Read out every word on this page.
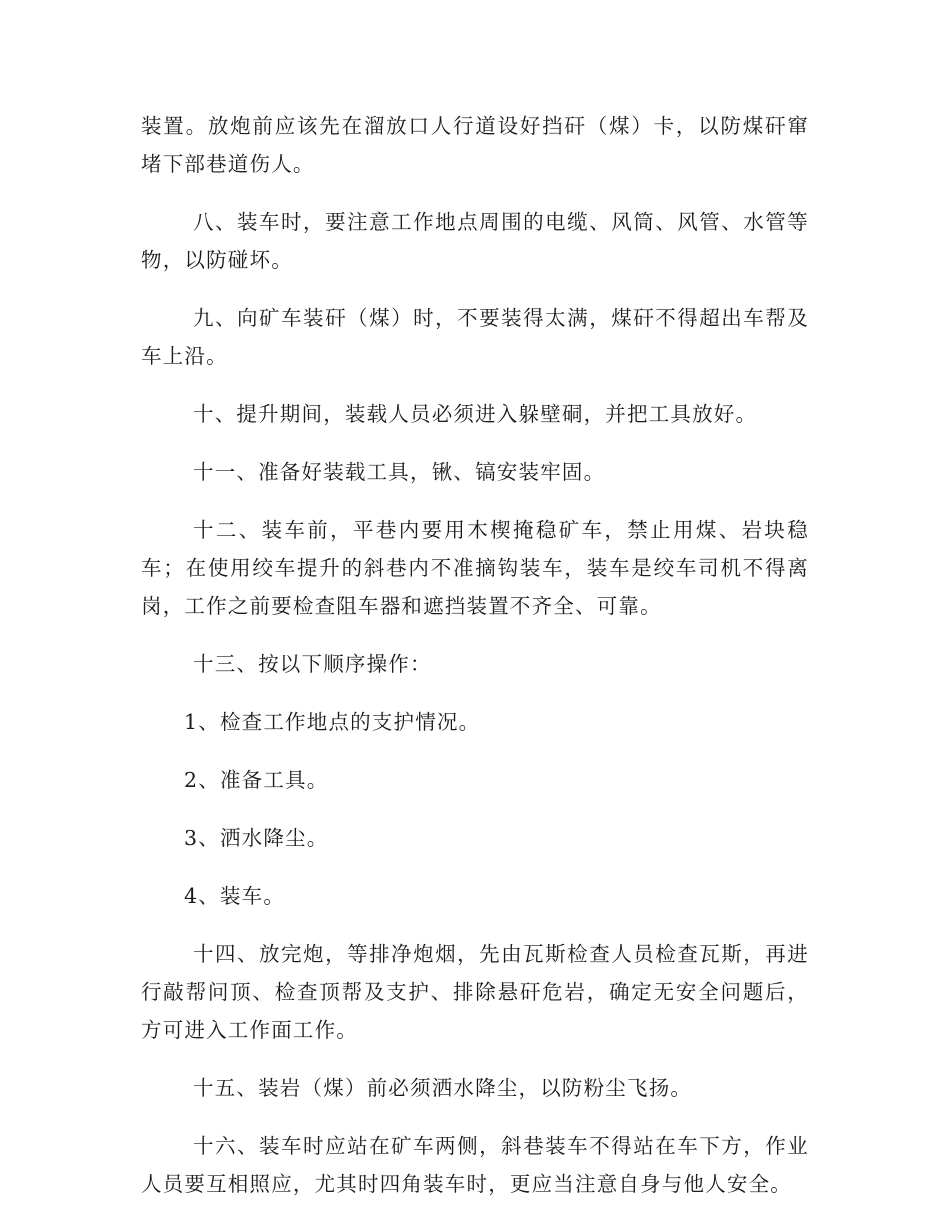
装置。放炮前应该先在溜放口人行道设好挡矸（煤）卡，以防煤矸窜堵下部巷道伤人。

八、装车时，要注意工作地点周围的电缆、风筒、风管、水管等物，以防碰坏。

九、向矿车装矸（煤）时，不要装得太满，煤矸不得超出车帮及车上沿。

十、提升期间，装载人员必须进入躲壁硐，并把工具放好。

十一、准备好装载工具，锹、镐安装牢固。

十二、装车前，平巷内要用木楔掩稳矿车，禁止用煤、岩块稳车；在使用绞车提升的斜巷内不准摘钩装车，装车是绞车司机不得离岗，工作之前要检查阻车器和遮挡装置不齐全、可靠。

十三、按以下顺序操作：

1、检查工作地点的支护情况。

2、准备工具。

3、洒水降尘。

4、装车。

十四、放完炮，等排净炮烟，先由瓦斯检查人员检查瓦斯，再进行敲帮问顶、检查顶帮及支护、排除悬矸危岩，确定无安全问题后，方可进入工作面工作。

十五、装岩（煤）前必须洒水降尘，以防粉尘飞扬。

十六、装车时应站在矿车两侧，斜巷装车不得站在车下方，作业人员要互相照应，尤其时四角装车时，更应当注意自身与他人安全。
